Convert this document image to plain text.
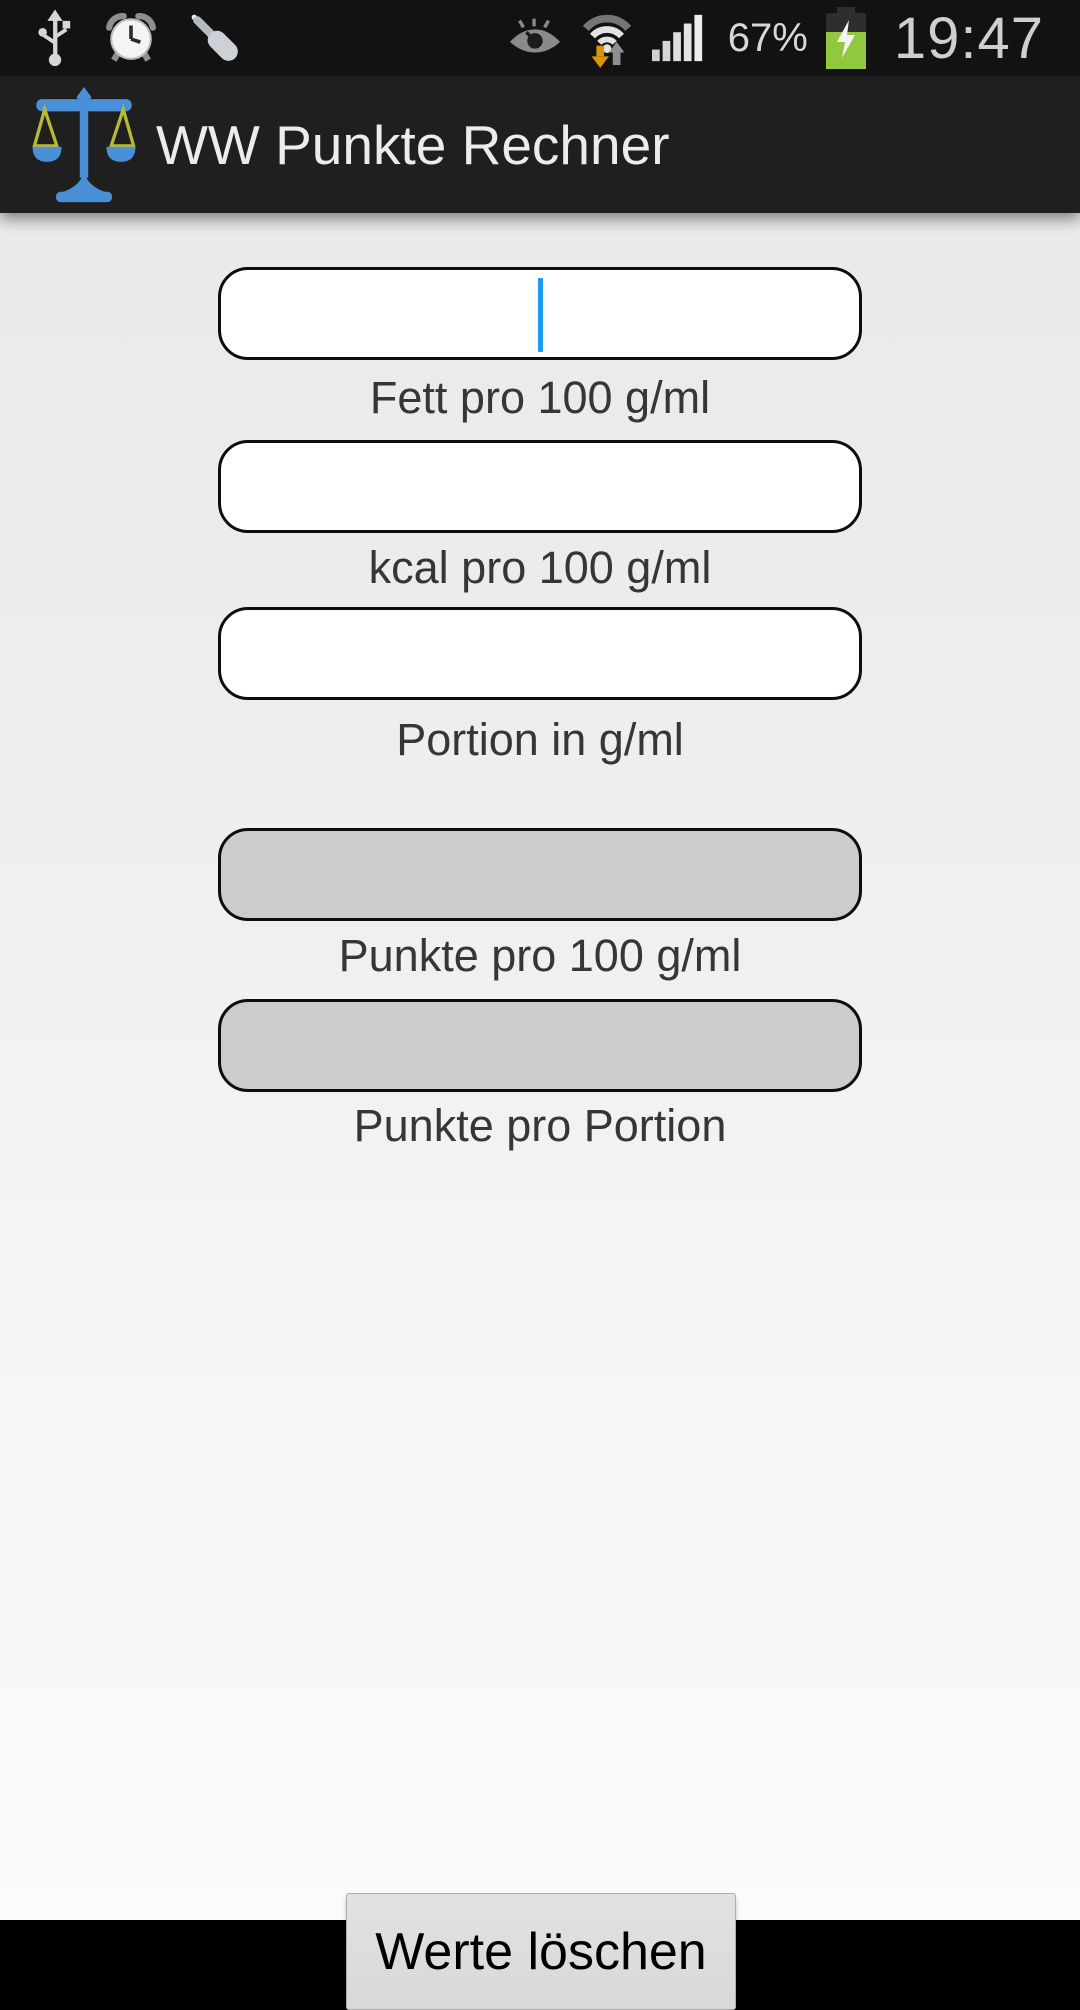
67% 19:47
WW Punkte Rechner
Fett pro 100 g/ml
kcal pro 100 g/ml
Portion in g/ml
Punkte pro 100 g/ml
Punkte pro Portion
Werte löschen
